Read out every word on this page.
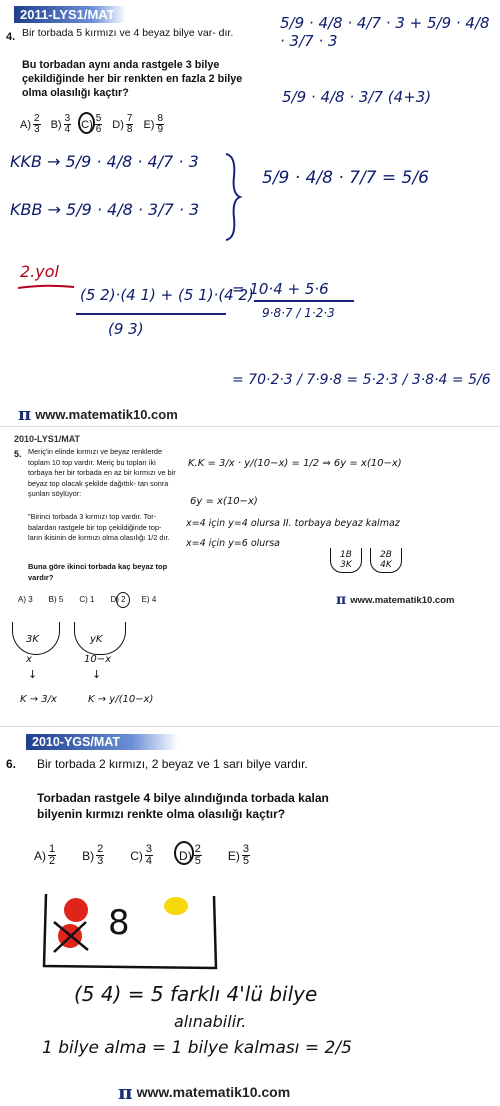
2011-LYS1/MAT
4. Bir torbada 5 kırmızı ve 4 beyaz bilye var- dır.
Bu torbadan aynı anda rastgele 3 bilye çekildiğinde her bir renkten en fazla 2 bilye olma olasılığı kaçtır?
$A) \frac{2}{3} B) \frac{3}{4} C) \frac{5}{6} D) \frac{7}{8} E) \frac{8}{9}$
5/9 · 4/8 · 4/7 · 3 + 5/9 · 4/8 · 3/7 · 3
5/9 · 4/8 · 3/7 (4+3)
KKB → 5/9 · 4/8 · 4/7 · 3
KBB → 5/9 · 4/8 · 3/7 · 3
5/9 · 4/8 · 7/7 = 5/6
2.yol
(5 2)·(4 1) + (5 1)·(4 2)
(9 3)
= 10·4 + 5·6
9·8·7 / 1·2·3
= 70·2·3 / 7·9·8 = 5·2·3 / 3·8·4 = 5/6
π www.matematik10.com
2010-LYS1/MAT
5. Meriç'in elinde kırmızı ve beyaz renklerde toplam 10 top vardır. Meriç bu topları iki torbaya her bir torbada en az bir kırmızı ve bir beyaz top olacak şekilde dağıttık- tan sonra şunları söylüyor:
"Birinci torbada 3 kırmızı top vardır. Tor- balardan rastgele bir top çekildiğinde top- ların ikisinin de kırmızı olma olasılığı 1/2 dır.
Buna göre ikinci torbada kaç beyaz top vardır?
A) 3 B) 5 C) 1 D) 2 E) 4
K.K = 3/x · y/(10−x) = 1/2 ⇒ 6y = x(10−x)
6y = x(10−x)
x=4 için y=4 olursa II. torbaya beyaz kalmaz
x=4 için y=6 olursa
1B 3K
2B 4K
π www.matematik10.com
3K
x
yK
10−x
↓	↓
K → 3/x	K → y/(10−x)
2010-YGS/MAT
6. Bir torbada 2 kırmızı, 2 beyaz ve 1 sarı bilye vardır.
Torbadan rastgele 4 bilye alındığında torbada kalan bilyenin kırmızı renkte olma olasılığı kaçtır?
$A) \frac{1}{2} B) \frac{2}{3} C) \frac{3}{4} D) \frac{2}{5} E) \frac{3}{5}$
8
(5 4) = 5 farklı 4'lü bilye
alınabilir.
1 bilye alma = 1 bilye kalması = 2/5
π www.matematik10.com
